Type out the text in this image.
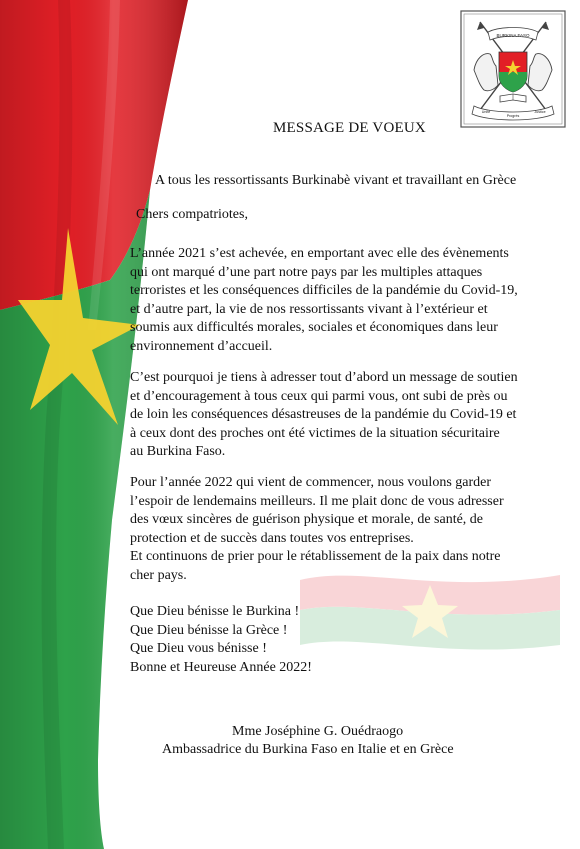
BURKINA FASO
Unité
Progrès
Justice
MESSAGE DE VOEUX
A tous les ressortissants Burkinabè vivant et travaillant en Grèce
Chers compatriotes,
L’année 2021 s’est achevée, en emportant avec elle des évènements
qui ont marqué d’une part notre pays par les multiples attaques
terroristes et les conséquences difficiles de la pandémie du Covid-19,
et d’autre part, la vie de nos ressortissants vivant à l’extérieur et
soumis aux difficultés morales, sociales et économiques dans leur
environnement d’accueil.
C’est pourquoi je tiens à adresser tout d’abord un message de soutien
et d’encouragement à tous ceux qui parmi vous, ont subi de près ou
de loin les conséquences désastreuses de la pandémie du Covid-19 et
à ceux dont des proches ont été victimes de la situation sécuritaire
au Burkina Faso.
Pour l’année 2022 qui vient de commencer, nous voulons garder
l’espoir de lendemains meilleurs. Il me plait donc de vous adresser
des vœux sincères de guérison physique et morale, de santé, de
protection et de succès dans toutes vos entreprises.
Et continuons de prier pour le rétablissement de la paix dans notre
cher pays.
Que Dieu bénisse le Burkina !
Que Dieu bénisse la Grèce !
Que Dieu vous bénisse !
Bonne et Heureuse Année 2022!
Mme Joséphine G. Ouédraogo
Ambassadrice du Burkina Faso en Italie et en Grèce
